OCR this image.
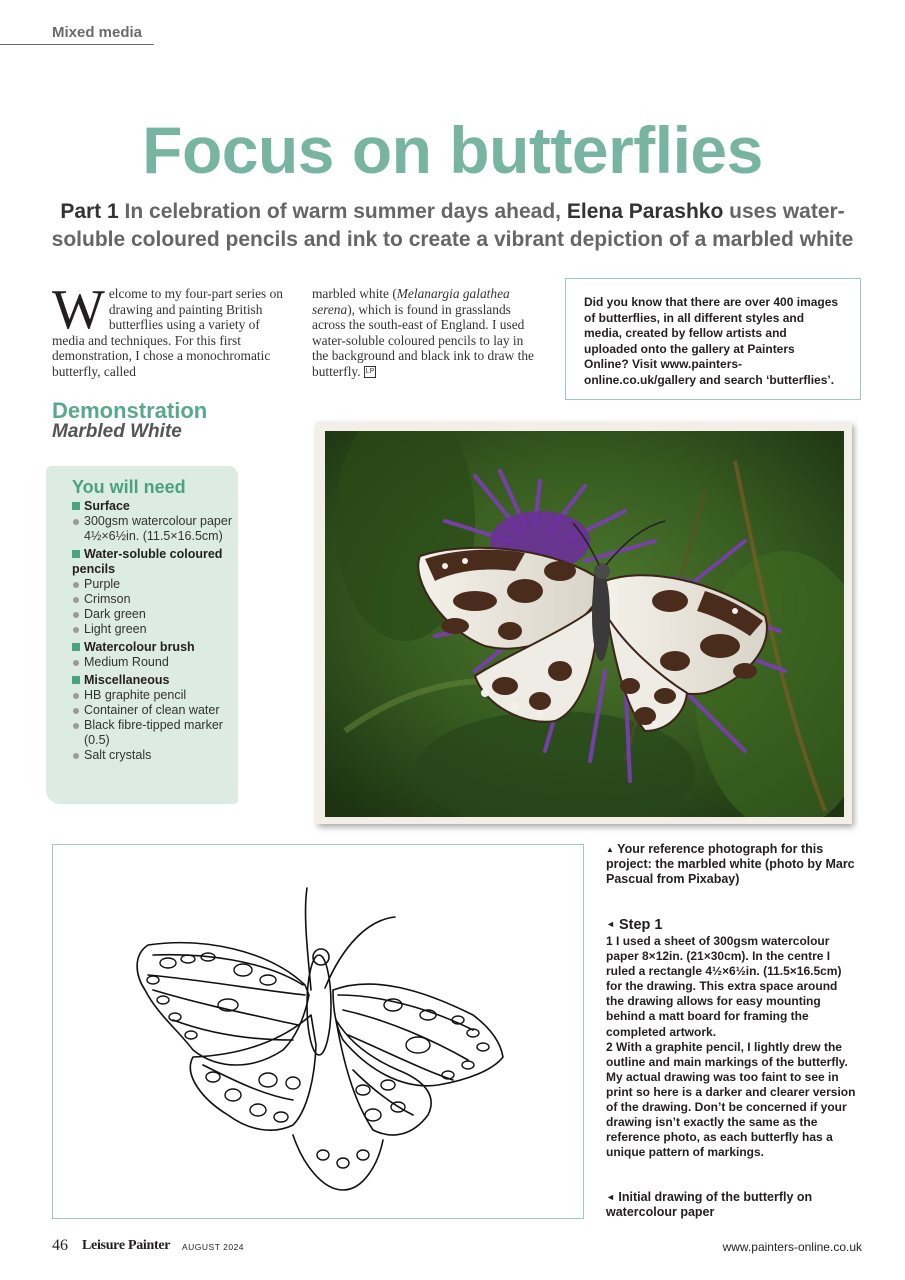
Mixed media
Focus on butterflies
Part 1 In celebration of warm summer days ahead, Elena Parashko uses water-soluble coloured pencils and ink to create a vibrant depiction of a marbled white
Welcome to my four-part series on drawing and painting British butterflies using a variety of media and techniques. For this first demonstration, I chose a monochromatic butterfly, called
marbled white (Melanargia galathea serena), which is found in grasslands across the south-east of England. I used water-soluble coloured pencils to lay in the background and black ink to draw the butterfly. LP
Did you know that there are over 400 images of butterflies, in all different styles and media, created by fellow artists and uploaded onto the gallery at Painters Online? Visit www.painters-online.co.uk/gallery and search ‘butterflies’.
Demonstration
Marbled White
You will need
Surface
300gsm watercolour paper 4½×6½in. (11.5×16.5cm)
Water-soluble coloured pencils
Purple
Crimson
Dark green
Light green
Watercolour brush
Medium Round
Miscellaneous
HB graphite pencil
Container of clean water
Black fibre-tipped marker (0.5)
Salt crystals
▲ Your reference photograph for this project: the marbled white (photo by Marc Pascual from Pixabay)
◄ Step 1
1 I used a sheet of 300gsm watercolour paper 8×12in. (21×30cm). In the centre I ruled a rectangle 4½×6½in. (11.5×16.5cm) for the drawing. This extra space around the drawing allows for easy mounting behind a matt board for framing the completed artwork.
2 With a graphite pencil, I lightly drew the outline and main markings of the butterfly. My actual drawing was too faint to see in print so here is a darker and clearer version of the drawing. Don’t be concerned if your drawing isn’t exactly the same as the reference photo, as each butterfly has a unique pattern of markings.
◄ Initial drawing of the butterfly on watercolour paper
46 Leisure Painter AUGUST 2024	www.painters-online.co.uk
